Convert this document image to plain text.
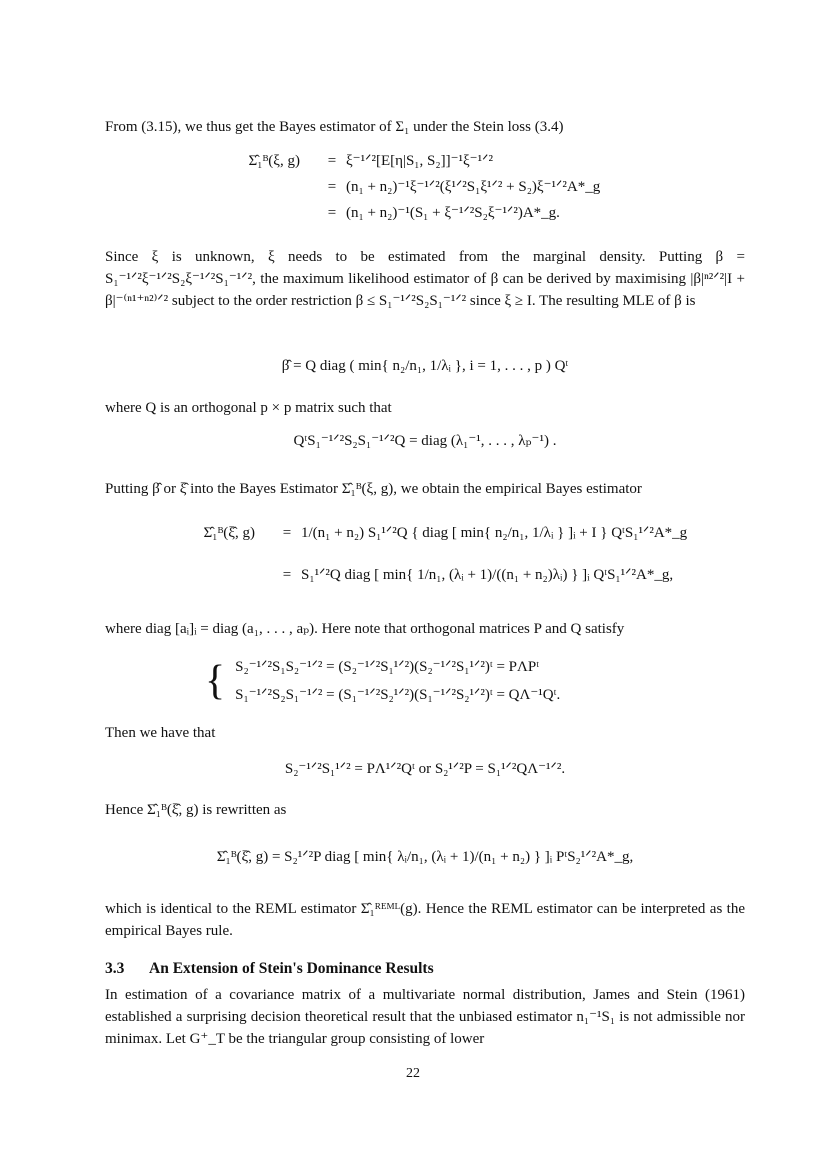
From (3.15), we thus get the Bayes estimator of Σ₁ under the Stein loss (3.4)
Σ̂₁ᴮ(ξ, g)	= ξ⁻¹ᐟ²[E[η|S₁, S₂]]⁻¹ξ⁻¹ᐟ²
= (n₁ + n₂)⁻¹ξ⁻¹ᐟ²(ξ¹ᐟ²S₁ξ¹ᐟ² + S₂)ξ⁻¹ᐟ²A*_g
= (n₁ + n₂)⁻¹(S₁ + ξ⁻¹ᐟ²S₂ξ⁻¹ᐟ²)A*_g.
Since ξ is unknown, ξ needs to be estimated from the marginal density. Putting β = S₁⁻¹ᐟ²ξ⁻¹ᐟ²S₂ξ⁻¹ᐟ²S₁⁻¹ᐟ², the maximum likelihood estimator of β can be derived by maximising |β|ⁿ²ᐟ²|I + β|⁻⁽ⁿ¹⁺ⁿ²⁾ᐟ² subject to the order restriction β ≤ S₁⁻¹ᐟ²S₂S₁⁻¹ᐟ² since ξ ≥ I. The resulting MLE of β is
β̂ = Q diag ( min{ n₂/n₁, 1/λᵢ }, i = 1, . . . , p ) Qᵗ
where Q is an orthogonal p × p matrix such that
QᵗS₁⁻¹ᐟ²S₂S₁⁻¹ᐟ²Q = diag (λ₁⁻¹, . . . , λₚ⁻¹) .
Putting β̂ or ξ̂ into the Bayes Estimator Σ̂₁ᴮ(ξ, g), we obtain the empirical Bayes estimator
Σ̂₁ᴮ(ξ̂, g)	= 1/(n₁ + n₂) S₁¹ᐟ²Q { diag [ min{ n₂/n₁, 1/λᵢ } ]ᵢ + I } QᵗS₁¹ᐟ²A*_g
= S₁¹ᐟ²Q diag [ min{ 1/n₁, (λᵢ + 1)/((n₁ + n₂)λᵢ) } ]ᵢ QᵗS₁¹ᐟ²A*_g,
where diag [aᵢ]ᵢ = diag (a₁, . . . , aₚ). Here note that orthogonal matrices P and Q satisfy
{ S₂⁻¹ᐟ²S₁S₂⁻¹ᐟ² = (S₂⁻¹ᐟ²S₁¹ᐟ²)(S₂⁻¹ᐟ²S₁¹ᐟ²)ᵗ = PΛPᵗ
S₁⁻¹ᐟ²S₂S₁⁻¹ᐟ² = (S₁⁻¹ᐟ²S₂¹ᐟ²)(S₁⁻¹ᐟ²S₂¹ᐟ²)ᵗ = QΛ⁻¹Qᵗ.
Then we have that
S₂⁻¹ᐟ²S₁¹ᐟ² = PΛ¹ᐟ²Qᵗ or S₂¹ᐟ²P = S₁¹ᐟ²QΛ⁻¹ᐟ².
Hence Σ̂₁ᴮ(ξ̂, g) is rewritten as
Σ̂₁ᴮ(ξ̂, g) = S₂¹ᐟ²P diag [ min{ λᵢ/n₁, (λᵢ + 1)/(n₁ + n₂) } ]ᵢ PᵗS₂¹ᐟ²A*_g,
which is identical to the REML estimator Σ̂₁ᴿᴱᴹᴸ(g). Hence the REML estimator can be interpreted as the empirical Bayes rule.
3.3 An Extension of Stein's Dominance Results
In estimation of a covariance matrix of a multivariate normal distribution, James and Stein (1961) established a surprising decision theoretical result that the unbiased estimator n₁⁻¹S₁ is not admissible nor minimax. Let G⁺_T be the triangular group consisting of lower
22
